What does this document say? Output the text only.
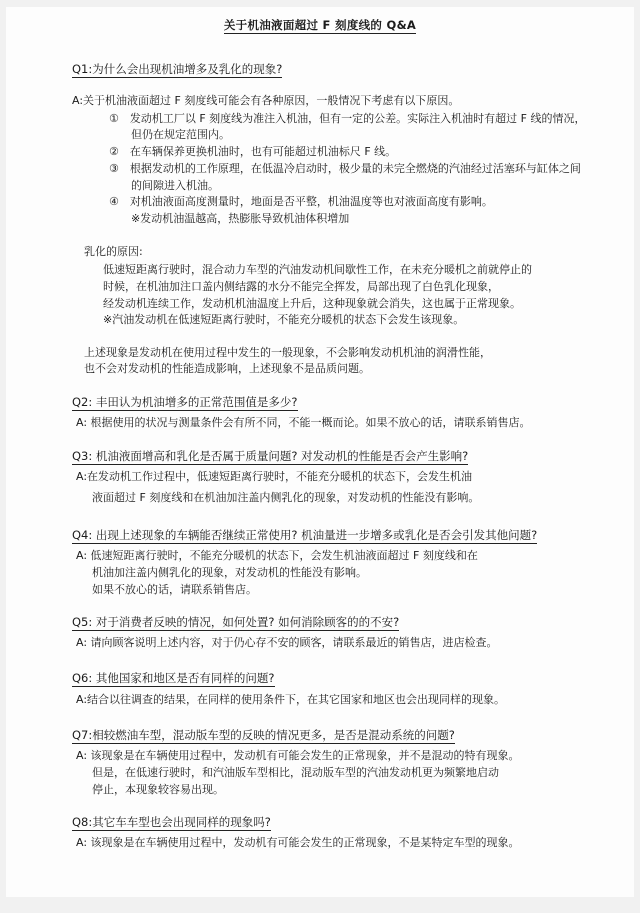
关于机油液面超过 F 刻度线的 Q&A
Q1:为什么会出现机油增多及乳化的现象?
A:关于机油液面超过 F 刻度线可能会有各种原因，一般情况下考虑有以下原因。
①　发动机工厂以 F 刻度线为准注入机油，但有一定的公差。实际注入机油时有超过 F 线的情况，
　　但仍在规定范围内。
②　在车辆保养更换机油时，也有可能超过机油标尺 F 线。
③　根据发动机的工作原理，在低温冷启动时，极少量的未完全燃烧的汽油经过活塞环与缸体之间
　　的间隙进入机油。
④　对机油液面高度测量时，地面是否平整，机油温度等也对液面高度有影响。
　　※发动机油温越高，热膨胀导致机油体积增加
乳化的原因:
低速短距离行驶时，混合动力车型的汽油发动机间歇性工作，在未充分暖机之前就停止的
时候，在机油加注口盖内侧结露的水分不能完全挥发，局部出现了白色乳化现象，
经发动机连续工作，发动机机油温度上升后，这种现象就会消失，这也属于正常现象。
※汽油发动机在低速短距离行驶时，不能充分暖机的状态下会发生该现象。
上述现象是发动机在使用过程中发生的一般现象，不会影响发动机机油的润滑性能，
也不会对发动机的性能造成影响，上述现象不是品质问题。
Q2: 丰田认为机油增多的正常范围值是多少?
A: 根据使用的状况与测量条件会有所不同，不能一概而论。如果不放心的话，请联系销售店。
Q3: 机油液面增高和乳化是否属于质量问题? 对发动机的性能是否会产生影响?
A:在发动机工作过程中，低速短距离行驶时，不能充分暖机的状态下，会发生机油
液面超过 F 刻度线和在机油加注盖内侧乳化的现象，对发动机的性能没有影响。
Q4: 出现上述现象的车辆能否继续正常使用? 机油量进一步增多或乳化是否会引发其他问题?
A: 低速短距离行驶时，不能充分暖机的状态下，会发生机油液面超过 F 刻度线和在
机油加注盖内侧乳化的现象，对发动机的性能没有影响。
如果不放心的话，请联系销售店。
Q5: 对于消费者反映的情况，如何处置? 如何消除顾客的的不安?
A: 请向顾客说明上述内容，对于仍心存不安的顾客，请联系最近的销售店，进店检查。
Q6: 其他国家和地区是否有同样的问题?
A:结合以往调查的结果，在同样的使用条件下，在其它国家和地区也会出现同样的现象。
Q7:相较燃油车型，混动版车型的反映的情况更多，是否是混动系统的问题?
A: 该现象是在车辆使用过程中，发动机有可能会发生的正常现象，并不是混动的特有现象。
但是，在低速行驶时，和汽油版车型相比，混动版车型的汽油发动机更为频繁地启动
停止，本现象较容易出现。
Q8:其它车车型也会出现同样的现象吗?
A: 该现象是在车辆使用过程中，发动机有可能会发生的正常现象，不是某特定车型的现象。
